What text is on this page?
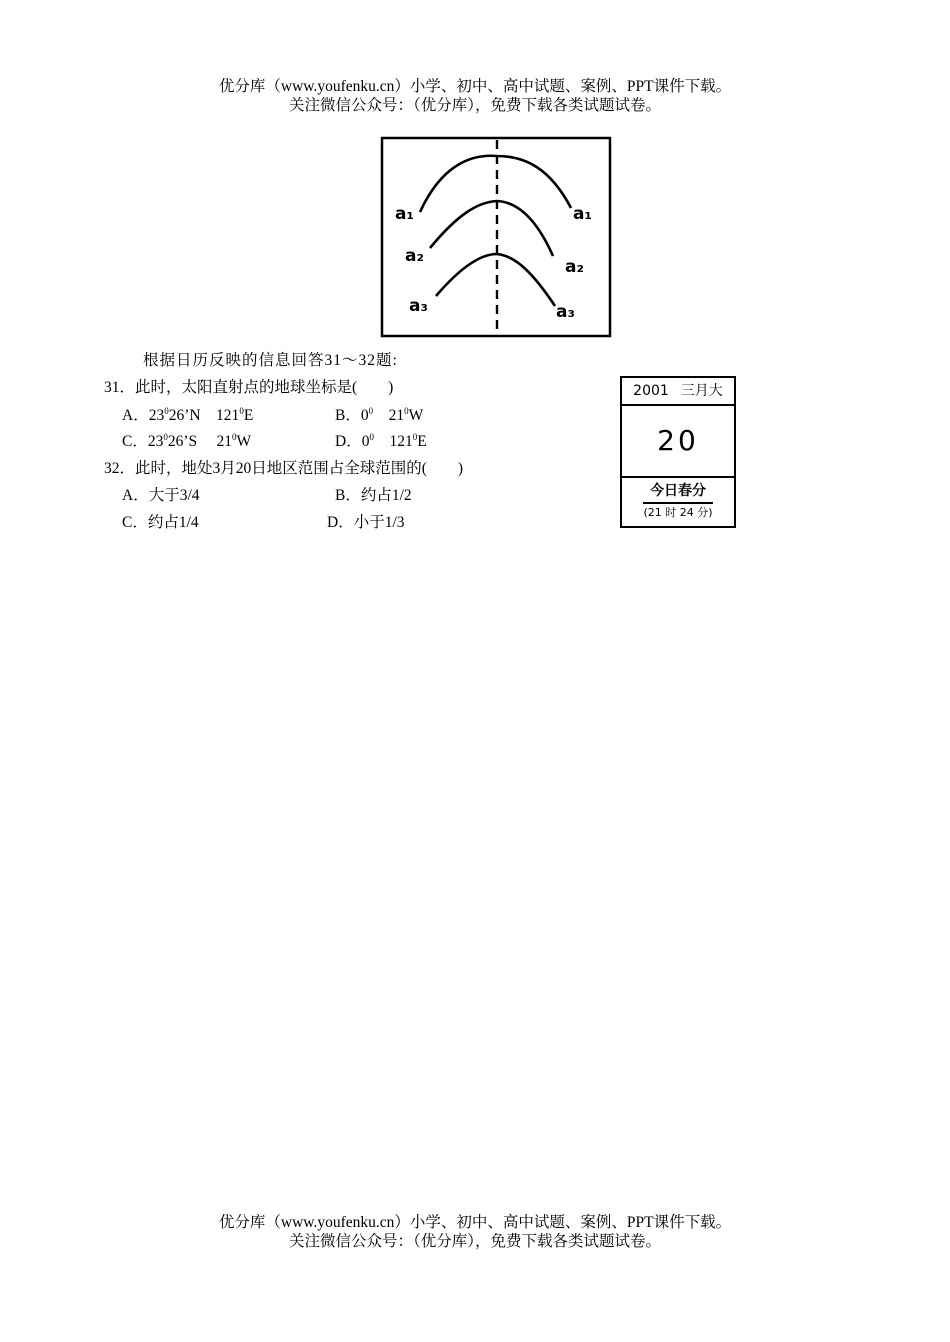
优分库（www.youfenku.cn）小学、初中、高中试题、案例、PPT课件下载。
关注微信公众号：（优分库），免费下载各类试题试卷。
a₁	a₁
a₂
a₂
a₃	a₃
根据日历反映的信息回答31～32题:
31．此时，太阳直射点的地球坐标是(　　)
A．$23^026’N$　$121^0E$	B．$0^0$　$21^0W$
C．$23^026’S$　 $21^0W$	D．$0^0$　$121^0E$
32．此时，地处3月20日地区范围占全球范围的(　　)
A．大于3/4	B．约占1/2
C．约占1/4	D．小于1/3
2001 三月大
20
今日春分
(21 时 24 分)
优分库（www.youfenku.cn）小学、初中、高中试题、案例、PPT课件下载。
关注微信公众号：（优分库），免费下载各类试题试卷。
